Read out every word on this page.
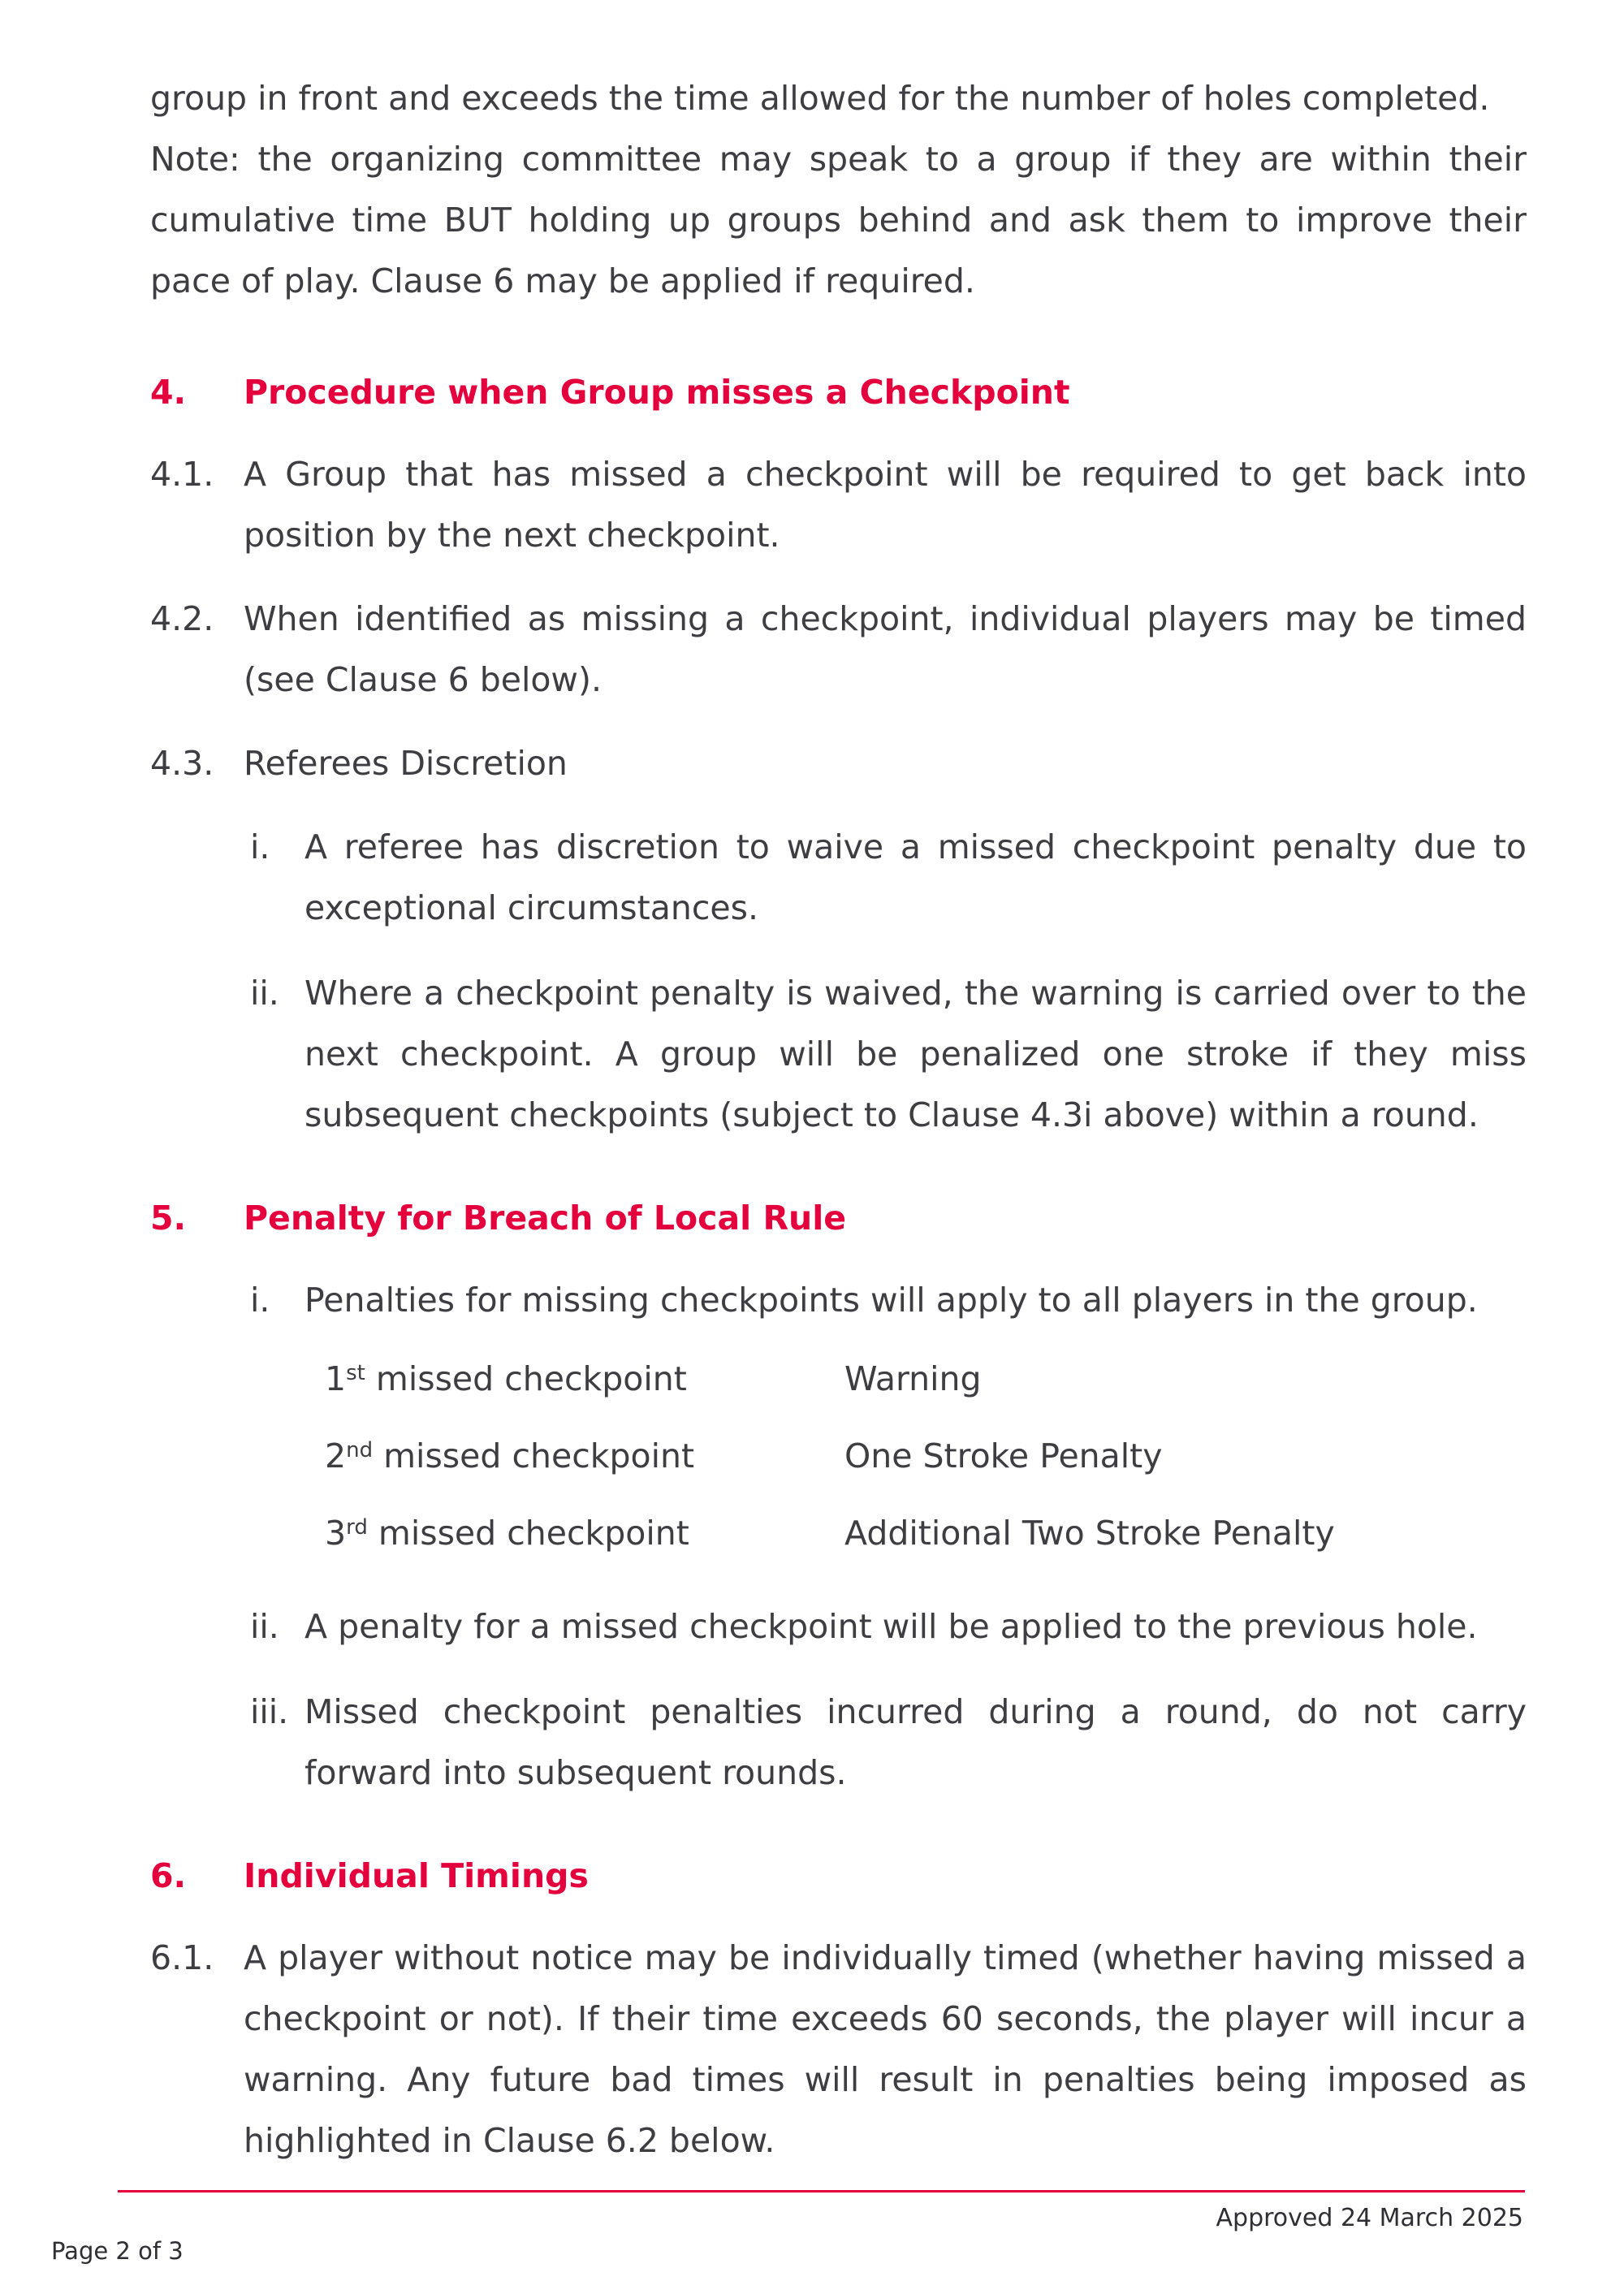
group in front and exceeds the time allowed for the number of holes completed.

Note: the organizing committee may speak to a group if they are within their cumulative time BUT holding up groups behind and ask them to improve their pace of play. Clause 6 may be applied if required.

4.	Procedure when Group misses a Checkpoint
4.1. A Group that has missed a checkpoint will be required to get back into position by the next checkpoint.
4.2. When identified as missing a checkpoint, individual players may be timed (see Clause 6 below).
4.3. Referees Discretion
i.	A referee has discretion to waive a missed checkpoint penalty due to exceptional circumstances.
ii. Where a checkpoint penalty is waived, the warning is carried over to the next checkpoint. A group will be penalized one stroke if they miss subsequent checkpoints (subject to Clause 4.3i above) within a round.
5.	Penalty for Breach of Local Rule
i.	Penalties for missing checkpoints will apply to all players in the group.
1st missed checkpoint	Warning
2nd missed checkpoint	One Stroke Penalty
3rd missed checkpoint	Additional Two Stroke Penalty
ii. A penalty for a missed checkpoint will be applied to the previous hole.
iii. Missed checkpoint penalties incurred during a round, do not carry forward into subsequent rounds.
6.	Individual Timings
6.1. A player without notice may be individually timed (whether having missed a checkpoint or not). If their time exceeds 60 seconds, the player will incur a warning. Any future bad times will result in penalties being imposed as highlighted in Clause 6.2 below.
Approved 24 March 2025
Page 2 of 3
